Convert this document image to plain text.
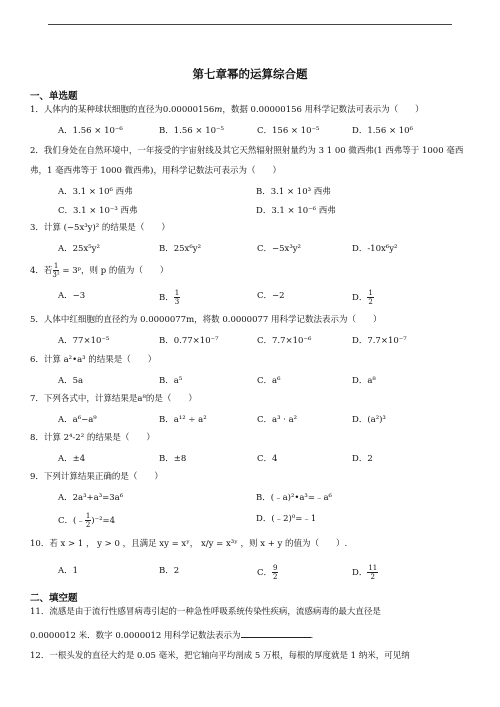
第七章幂的运算综合题
一、单选题
1．人体内的某种球状细胞的直径为0.00000156𝑚，数据 0.00000156 用科学记数法可表示为（　　）
A．1.56 × 10⁻⁶	B．1.56 × 10⁻⁵	C．156 × 10⁻⁵	D．1.56 × 10⁶
2．我们身处在自然环境中，一年接受的宇宙射线及其它天然辐射照射量约为 3 1 00 微西弗(1 西弗等于 1000 毫西弗，1 毫西弗等于 1000 微西弗)，用科学记数法可表示为（　　）
A．3.1 × 10⁶ 西弗	B．3.1 × 10³ 西弗
C．3.1 × 10⁻³ 西弗	D．3.1 × 10⁻⁶ 西弗
3．计算 (−5x³y)² 的结果是（　　）
A．25x⁵y²	B．25x⁶y²	C．−5x³y²	D．-10x⁶y²
4．若 $\frac{1}{\text{3²}}$ = 3ᵖ，则 p 的值为（　　）
A．−3	B． $\frac{1}{3}$	C．−2	D． $\frac{1}{2}$
5．人体中红细胞的直径约为 0.0000077m，将数 0.0000077 用科学记数法表示为（　　）
A．77×10⁻⁵	B．0.77×10⁻⁷	C．7.7×10⁻⁶	D．7.7×10⁻⁷
6．计算 a²•a³ 的结果是（　　）
A．5a	B．a⁵	C．a⁶	D．a⁸
7．下列各式中，计算结果是a⁸的是（　　）
A．a⁶−a⁹	B．a¹² ÷ a²	C．a³ · a²	D．(a²)³
8．计算 2⁴-2² 的结果是（　　）
A．±4	B．±8	C．4	D．2
9．下列计算结果正确的是（　　）
A．2a³+a³=3a⁶	B．(﹣a)²•a³=﹣a⁶
C．(﹣ $\frac{1}{2} )^{-2}=4$	D．(﹣2)⁰=﹣1
10．若 x > 1 ， y > 0 ，且满足 xy = xʸ， x/y = x³ʸ ，则 x + y 的值为（　　）.
A．1	B．2	C． $\frac{9}{2}$	D． $\frac{11}{2}$
二、填空题
11．流感是由于流行性感冒病毒引起的一种急性呼吸系统传染性疾病，流感病毒的最大直径是
0.0000012 米．数字 0.0000012 用科学记数法表示为	.
12．一根头发的直径大约是 0.05 毫米，把它轴向平均剖成 5 万根，每根的厚度就是 1 纳米，可见纳
